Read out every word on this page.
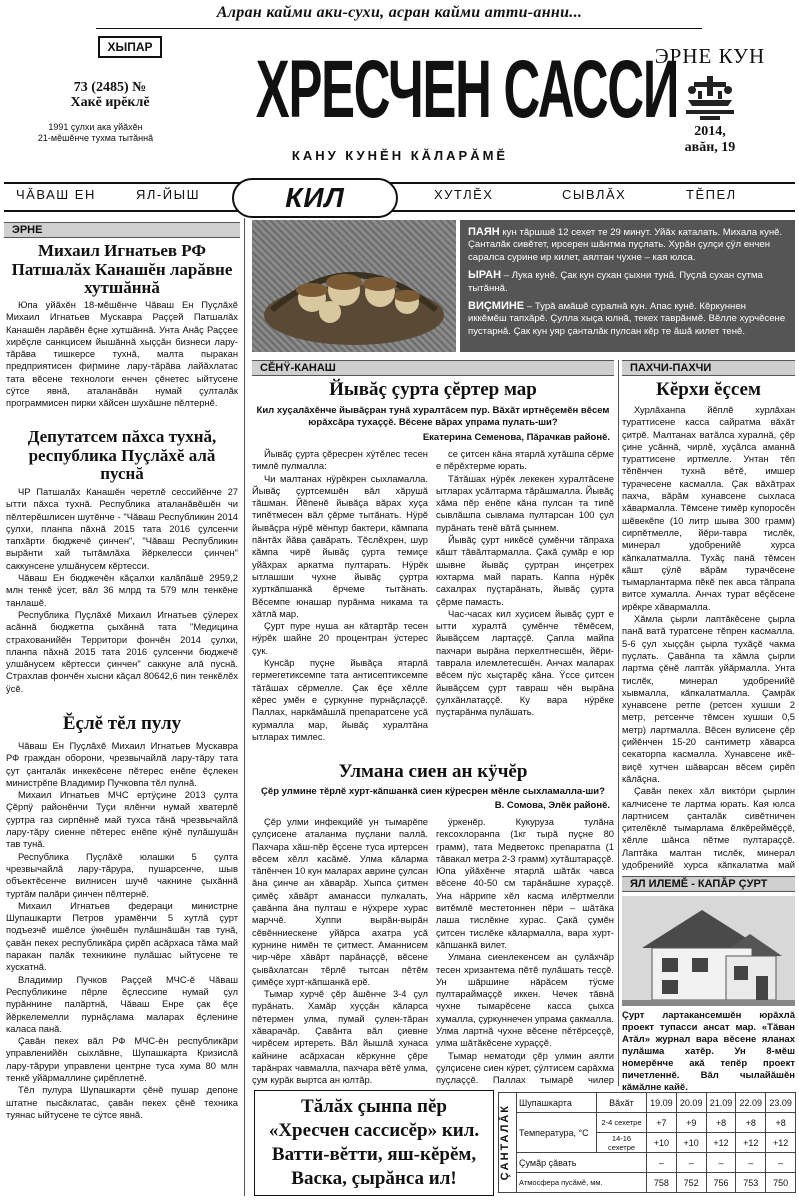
Алран кайми аки-сухи, асран кайми атти-анни...
ХЫПАР
73 (2485) №
Хакĕ ирĕклĕ
1991 çулхи ака уйăхĕн
21-мĕшĕнче тухма тытăннă
ХРЕСЧЕН САССИ
КАНУ КУНĔН КĂЛАРĂМĔ
ЭРНЕ КУН
2014,
авăн, 19
ЧĂВАШ ЕН	ЯЛ-ЙЫШ	ХУТЛĔХ	СЫВЛĂХ	ТĔПЕЛ
КИЛ
ЭРНЕ
Михаил Игнатьев РФ Патшалăх Канашĕн ларăвне хутшăннă

Юпа уйăхĕн 18-мĕшĕнче Чăваш Ен Пуçлăхĕ Михаил Игнатьев Мускавра Раççей Патшалăх Канашĕн ларăвĕн ĕçне хутшăннă. Унта Анăç Раççее хирĕçле санкцисем йышăннă хыççăн бизнеси лару-тăрăва тишкерсе тухнă, малта пыракан предприятисен фиրмине лару-тăрăва лайăхлатас тата вĕсене технологи енчен çĕнетес ыйтусене сÿтсе явнă, аталанăвăн нумай çулталăк программисен пирки хăйсен шухăшне пĕлтернĕ.

Депутатсем пăхса тухнă, республика Пуçлăхĕ алă пуснă

ЧР Патшалăх Канашĕн черетлĕ сессийĕнче 27 ытти пăхса тухнă. Республика аталанăвĕшĕн чи пĕлтерĕшлисен шутĕнче - "Чăваш Республикин 2014 çулхи, планпа пăхнă 2015 тата 2016 çулсенчи тапхăрти бюджечĕ çинчен", "Чăваш Республикин вырăнти хай тытăмлăха йĕркелесси çинчен" саккунсене улшăнусем кĕртесси.

Чăваш Ен бюджечĕн кăçалхи калăпăшĕ 2959,2 млн тенкĕ ÿсет, вăл 36 млрд та 579 млн тенкĕне танлашĕ.

Республика Пуçлăхĕ Михаил Игнатьев çÿлерех асăннă бюджетпа çыхăннă тата "Медицина страхованийĕн Территори фончĕн 2014 çулхи, планпа пăхнă 2015 тата 2016 çулсенчи бюджечĕ улшăнусем кĕртесси çинчен" саккуне алă пуснă. Страхлав фончĕн хысни кăçал 80642,6 пин тенкĕлĕх ÿсĕ.

Ĕçлĕ тĕл пулу

Чăваш Ен Пуçлăхĕ Михаил Игнатьев Мускавра РФ граждан оборони, чрезвычайлă лару-тăру тата çут çанталăк инкекĕсене пĕтерес енĕпе ĕçлекен министрĕпе Владимир Пучковпа тĕл пулнă.

Михаил Игнатьев МЧС ертÿçине 2013 çулта Çĕрпÿ районĕнчи Туçи ялĕнчи нумай хватерлĕ çуртра газ сирпĕннĕ май тухса тăнă чрезвычайлă лару-тăру сиенне пĕтерес енĕпе кÿнĕ пулăшушăн тав тунă.

Республика Пуçлăхĕ юлашки 5 çулта чрезвычайлă лару-тăрура, пушарсенче, шыв объектĕсенче вилнисен шучĕ чакнине çыхăннă туртăм палăри çинчен пĕлтернĕ.

Михаил Игнатьев федераци министрне Шупашкарти Петров урамĕнчи 5 хутлă çурт подъезчĕ ишĕлсе ÿкнĕшĕн пулăшнăшăн тав тунă, çавăн пекех республикăра çирĕп асăрхаса тăма май паракан палăк техникине пулăшас ыйтусене те хускатнă.

Владимир Пучков Раççей МЧС-ĕ Чăваш Республикине пĕрле ĕçлессипе нумай çул пурăннине палăртнă, Чăваш Енре çак ĕçе йĕркелемелли пурнăçлама маларах ĕçленине каласа панă.

Çавăн пекех вăл РФ МЧС-ĕн республикăри управленийĕн сыхлăвне, Шупашкарта Кризислă лару-тăрури управлени центрне туса хума 80 млн тенкĕ уйăрмаллине çирĕплетнĕ.

Тĕл пулура Шупашкарти çĕнĕ пушар депоне штатне пысăклатас, çавăн пекех çĕнĕ техника туянас ыйтусене те сÿтсе явнă.

ПАЯН кун тăршшĕ 12 сехет те 29 минут. Уйăх каталать. Михала кунĕ. Çанталăк сивĕтет, ирсерен шăнтма пуçлать. Хурăн çулçи çÿл енчен саралса сурине ир килет, аялтан чухне – кая юлса.
ЫРАН – Лука кунĕ. Çак кун сухан çыхни тунă. Пуçлă сухан сутма тытăннă.
ВИÇМИНЕ – Турă амăшĕ суралнă кун. Апас кунĕ. Кĕркуннен иккĕмĕш тапхăрĕ. Çулла хыçа юлнă, текех таврăнмĕ. Вĕлле хурчĕсене пустарнă. Çак кун уяр çанталăк пулсан кĕр те ăшă килет тенĕ.
СĔНŸ-КАНАШ
Йывăç çурта çĕртер мар
Кил хуçалăхĕнче йывăçран тунă хуралтăсем пур. Вăхăт иртнĕçемĕн вĕсем юрăхсăра тухаççĕ. Вĕсене вăрах упрама пулать-ши?
Екатерина Семенова, Пăрачкав районĕ.

Йывăç çурта çĕресрен хÿтĕлес тесен тимлĕ пулмалла:

Чи малтанах нÿрĕкрен сыхламалла. Йывăç çуртсемшĕн вăл хăрушă тăшман. Йĕпенĕ йывăçа вăрах хуçа типĕтмесен вăл çĕрме тытăнать. Нÿрĕ йывăçра нÿрĕ мĕнпур бактери, кăмпапа пăнтăх йăва çавăрать. Тĕслĕхрен, шур кăмпа чирĕ йывăç çурта темиçе уйăхрах аркатма пултарать. Нÿрĕк ытлашши чухне йывăç çуртра хурткăпшанкă ĕрчеме тытăнать. Вĕсемпе юнашар пурăнма никама та хăтлă мар.

Çурт пуре нуша ан кăтартăр тесен нÿрĕк шайне 20 процентран ÿстерес çук.

Кунсăр пуçне йывăçа ятарлă гермегетиксемпе тата антисептиксемпе тăтăшах сĕрмелле. Çак ĕçе хĕлле кĕрес умĕн е çуркунне пурнăçлаççĕ. Паллах, наркăмăшлă препаратсене усă курмалла мар, йывăç хуралтăна ытларах тимлес.

се çитсен кăна ятарлă хутăшпа сĕрме е пĕрĕхтерме юрать.

Тăтăшах нÿрĕк лекекен хуралтăсене ытларах усăлтарма тăрăшмалла. Йывăç хăма пĕр енĕпе кăна пулсан та типĕ сывлăшпа сывлама пултарсан 100 çул пурăнать тенĕ вăтă çыннем.

Йывăç çурт никĕсĕ çумĕнчи тăпраха кăшт тăвăлтармалла. Çакă çумăр е юр шывне йывăç çуртран инçетрех юхтарма май парать. Каппа нÿрĕк сахалрах пуçтарăнать, йывăç çурта çĕрме памасть.

Час-часах кил хуçисем йывăç çурт е ытти хуралтă çумĕнче тĕмĕсем, йывăçсем лартаççĕ. Çапла майпа пахчари вырăна перкелтнесшĕн, йĕри-таврала илемлетесшĕн. Анчах маларах вĕсем пÿс хыçтарĕç кăна. Ÿссе çитсен йывăçсем çурт тавраш чĕн вырăна çулхăнлатаççĕ. Ку вара нÿрĕке пуçтарăнма пулăшать.

Улмана сиен ан кÿчĕр
Çĕр улмине тĕрлĕ хурт-кăпшанкă сиен кÿресрен мĕнле сыхламалла-ши?
В. Сомова, Элĕк районĕ.

Çĕр улми инфекцийĕ ун тымарĕпе çулçисене аталанма пуçлани паллă. Пахчара хăш-пĕр ĕçсене туса иртерсен вĕсем хĕлл касăмĕ. Улма кăларма тăпĕнчен 10 кун маларах аврине çулсан ăна çинче ан хăварăр. Хыпса çитмен çимĕç хăвăрт аманасси пулкалать, çавăнпа ăна пулташ е нÿхрере хурас марччĕ. Хуппи вырăн-вырăн сĕвĕнниескене уйăрса ахатра усă курнине нимĕн те çитмест. Аманнисем чир-чĕре хăвăрт парăнаççĕ, вĕсене çывăхлатсан тĕрлĕ тытсан пĕтĕм çимĕçе хурт-кăпшанкă ерĕ.

Тымар хурчĕ çĕр ăшĕнче 3-4 çул пурăнать. Хамăр хуççăн кăларса пĕтермен улма, пумай çулен-тăран хăварачăр. Çавăнта вăл çиевне чирĕсем иртереть. Вăл йышлă хунаса кайнине асăрхасан кĕркунне çĕре тарăнрах чавмалла, пахчара вĕтĕ улма, çум курăк выртса ан юлтăр.

ÿркенĕр. Кукуруза тулăна гексохлоранпа (1кг тырă пуçне 80 грамм), тата Медветокс препаратпа (1 тăвакал метра 2-3 грамм) хутăштараççĕ. Юпа уйăхĕнче ятарлă шăтăк чавса вĕсене 40-50 см тарăнăшне хураççĕ. Уна нăррипе хĕл касма илĕртмелли витĕмлĕ местетоннен пĕри – шăтăка лаша тислĕкне хурас. Çакă çумĕн çитсен тислĕке кăлармалла, вара хурт-кăпшанкă вилет.

Улмана сиенлекенсем ан çулăхчăр тесен хризантема пĕтĕ пулăшать тесçĕ. Ун шăршине нăрăсем тÿсме пултараймаççĕ иккен. Чечек тăвнă чухне тымарĕсене касса çыхса хумалла, çуркуннечен упрама çакмалла. Улма лартнă чухне вĕсене пĕтĕрсеççĕ, улма шăтăкĕсене хураççĕ.

Тымар нематоди çĕр улмин аялти çулçисене сиен кÿрет, çÿлтисем сарăхма пуçлаççĕ. Паллах тымарĕ чилер

Тăлăх çынпа пĕр
«Хресчен сассисĕр» кил.
Ватти-вĕтти, яш-кĕрĕм,
Васка, çырăнса ил!	ÇАНТАЛĂК	Шупашкарта	Вăхăт	19.09	20.09	21.09	22.09	23.09
	Температура, °С	2-4 сехетре	+7	+9	+8	+8	+8
		14-16 сехетре	+10	+10	+12	+12	+12
	Çумăр çăвать		–	–	–	–	–
	Атмосфера пусăмĕ, мм.		758	752	756	753	750
ПАХЧИ-ПАХЧИ
Кĕрхи ĕçсем

Хурлăханпа йĕплĕ хурлăхан тураттисене касса сайратма вăхăт çитрĕ. Малтанах ватăлса хуралнă, çĕр çине усăннă, чирлĕ, хуçăлса аманнă тураттисене иртмелле. Унтан тĕп тĕпĕнчен тухнă вĕтĕ, имшер турачесене касмалла. Çак вăхăтрах пахча, вăрăм хунавсене сыхласа хăвармалла. Тĕмсене тимĕр купоросĕн шĕвекĕпе (10 литр шыва 300 грамм) сирпĕтмелле, йĕри-тавра тислĕк, минерал удобренийĕ хурса кăпкалатмалла. Тухăç панă тĕмсен кăшт çÿлĕ вăрăм турачĕсене тымарлантарма пĕкĕ пек авса тăпрапа витсе хумалла. Анчах турат вĕçĕсене ирĕкре хăвармалла.

Хăмла çырли лаптăкĕсене çырла панă ватă туратсене тĕпрен касмалла. 5-6 çул хыççăн çырла тухăçĕ чакма пуçлать. Çавăнпа та хăмла çырли лартма çĕнĕ лаптăк уйăрмалла. Унта тислĕк, минерал удобренийĕ хывмалла, кăпкалатмалла. Çамрăк хунавсене ретпе (ретсен хушши 2 метр, ретсенче тĕмсен хушши 0,5 метр) лартмалла. Вĕсен вулисене çĕр çийĕнчен 15-20 сантиметр хăварса секаторпа касмалла. Хунавсене икĕ-виçĕ хутчен шăварсан вĕсем çирĕп кăлăçна.

Çавăн пекех хăл викто́ри çырлин калчисене те лартма юрать. Кая юлса лартнисем çанталăк сивĕтничен çителĕклĕ тымарлама ĕлкĕреймĕççĕ, хĕлле шăнса пĕтме пултараççĕ. Лаптăка малтан тислĕк, минерал удобренийĕ хурса кăпкалатма май

ЯЛ ИЛЕМĔ - КАПĂР ÇУРТ
Çурт лартакансемшĕн юрăхлă проект тупасси ансат мар. «Тăван Атăл» журнал вара вĕсене яланах пулăшма хатĕр. Ун 8-мĕш номерĕнче акă тепĕр проект пичетленнĕ. Вăл чылайăшĕн кăмăлне кайĕ.
